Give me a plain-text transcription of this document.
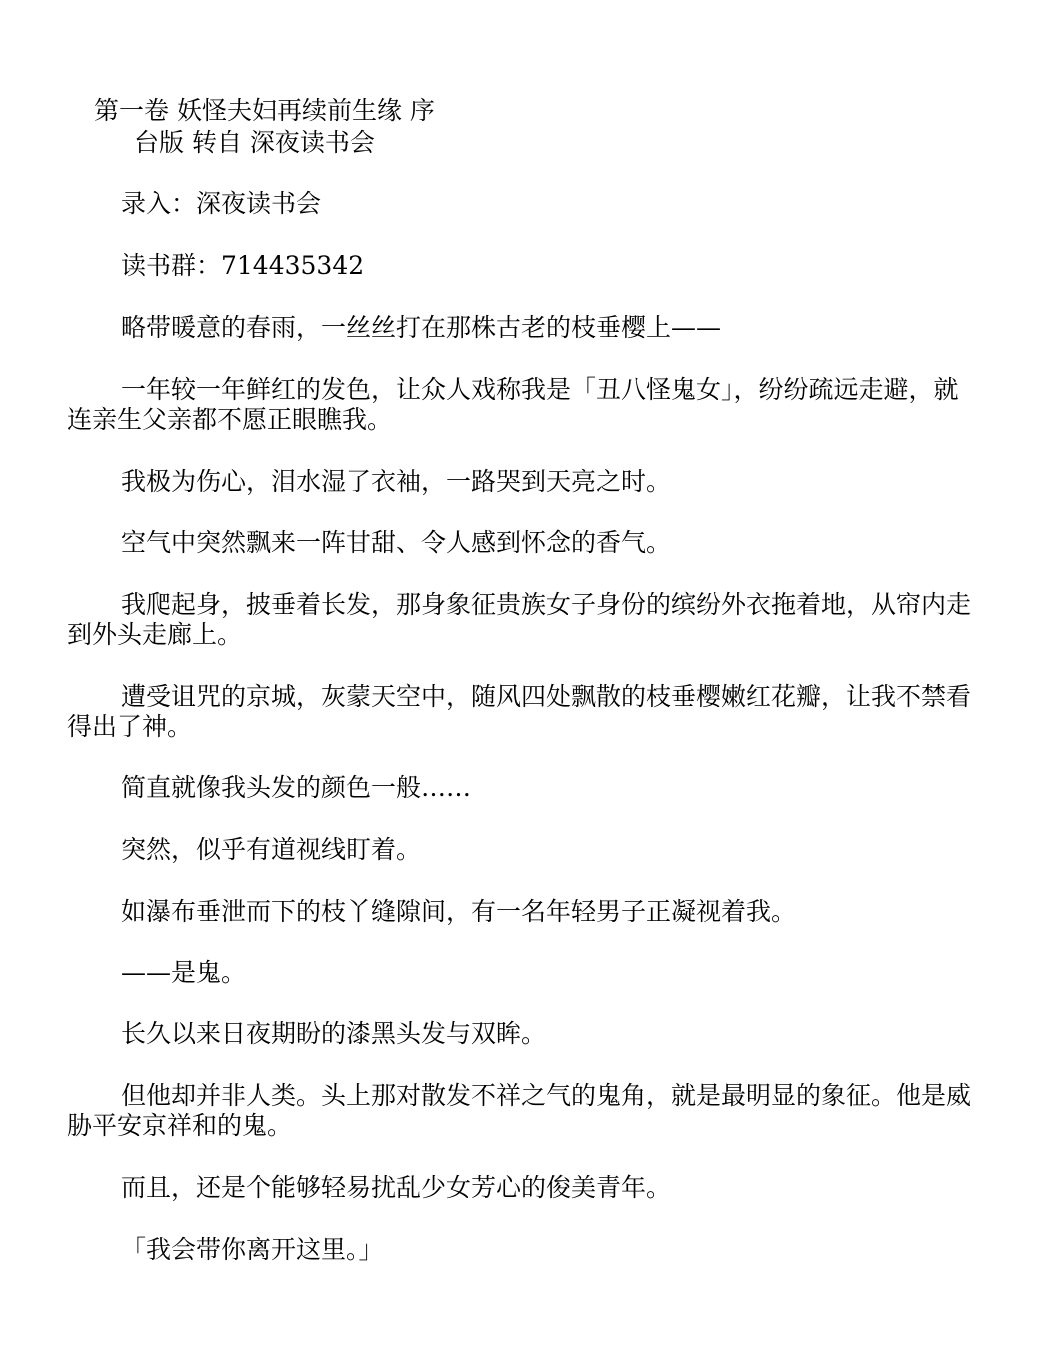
第一卷 妖怪夫妇再续前生缘 序

台版 转自 深夜读书会

录入：深夜读书会

读书群：714435342

略带暖意的春雨，一丝丝打在那株古老的枝垂樱上——

一年较一年鲜红的发色，让众人戏称我是「丑八怪鬼女」，纷纷疏远走避，就连亲生父亲都不愿正眼瞧我。

我极为伤心，泪水湿了衣袖，一路哭到天亮之时。

空气中突然飘来一阵甘甜、令人感到怀念的香气。

我爬起身，披垂着长发，那身象征贵族女子身份的缤纷外衣拖着地，从帘内走到外头走廊上。

遭受诅咒的京城，灰蒙天空中，随风四处飘散的枝垂樱嫩红花瓣，让我不禁看得出了神。

简直就像我头发的颜色一般……

突然，似乎有道视线盯着。

如瀑布垂泄而下的枝丫缝隙间，有一名年轻男子正凝视着我。

——是鬼。

长久以来日夜期盼的漆黑头发与双眸。

但他却并非人类。头上那对散发不祥之气的鬼角，就是最明显的象征。他是威胁平安京祥和的鬼。

而且，还是个能够轻易扰乱少女芳心的俊美青年。

「我会带你离开这里。」
